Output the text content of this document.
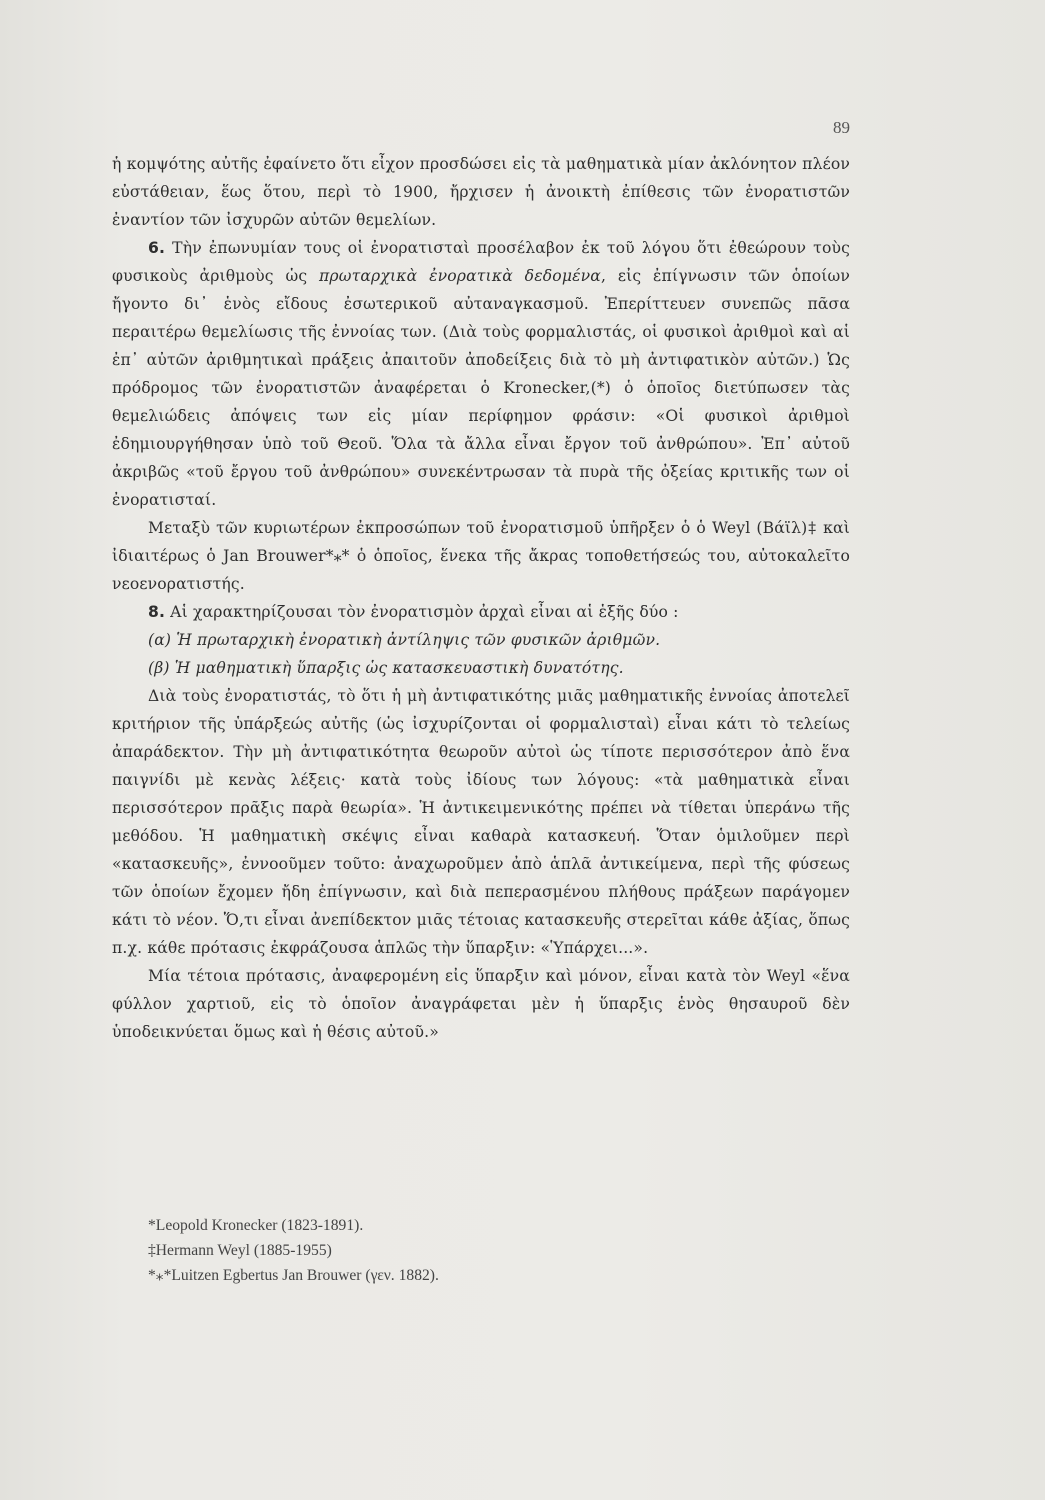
89

ἡ κομψότης αὐτῆς ἐφαίνετο ὅτι εἶχον προσδώσει εἰς τὰ μαθηματικὰ μίαν ἀκλόνητον πλέον εὐστάθειαν, ἕως ὅτου, περὶ τὸ 1900, ἤρχισεν ἡ ἀνοικτὴ ἐπίθεσις τῶν ἐνορατιστῶν ἐναντίον τῶν ἰσχυρῶν αὐτῶν θεμελίων.

6. Τὴν ἐπωνυμίαν τους οἱ ἐνορατισταὶ προσέλαβον ἐκ τοῦ λόγου ὅτι ἐθεώρουν τοὺς φυσικοὺς ἀριθμοὺς ὡς πρωταρχικὰ ἐνορατικὰ δεδομένα, εἰς ἐπίγνωσιν τῶν ὁποίων ἤγοντο δι᾽ ἑνὸς εἴδους ἐσωτερικοῦ αὐταναγκασμοῦ. Ἐπερίττευεν συνεπῶς πᾶσα περαιτέρω θεμελίωσις τῆς ἐννοίας των. (Διὰ τοὺς φορμαλιστάς, οἱ φυσικοὶ ἀριθμοὶ καὶ αἱ ἐπ᾽ αὐτῶν ἀριθμητικαὶ πράξεις ἀπαιτοῦν ἀποδείξεις διὰ τὸ μὴ ἀντιφατικὸν αὐτῶν.) Ὡς πρόδρομος τῶν ἐνορατιστῶν ἀναφέρεται ὁ Kronecker,(*) ὁ ὁποῖος διετύπωσεν τὰς θεμελιώδεις ἀπόψεις των εἰς μίαν περίφημον φράσιν: «Οἱ φυσικοὶ ἀριθμοὶ ἐδημιουργήθησαν ὑπὸ τοῦ Θεοῦ. Ὅλα τὰ ἄλλα εἶναι ἔργον τοῦ ἀνθρώπου». Ἐπ᾽ αὐτοῦ ἀκριβῶς «τοῦ ἔργου τοῦ ἀνθρώπου» συνεκέντρωσαν τὰ πυρὰ τῆς ὀξείας κριτικῆς των οἱ ἐνορατισταί.

Μεταξὺ τῶν κυριωτέρων ἐκπροσώπων τοῦ ἐνορατισμοῦ ὑπῆρξεν ὁ ὁ Weyl (Βάϊλ)‡ καὶ ἰδιαιτέρως ὁ Jan Brouwer*⁎* ὁ ὁποῖος, ἕνεκα τῆς ἄκρας τοποθετήσεώς του, αὐτοκαλεῖτο νεοενορατιστής.

8. Αἱ χαρακτηρίζουσαι τὸν ἐνορατισμὸν ἀρχαὶ εἶναι αἱ ἑξῆς δύο :

(α) Ἡ πρωταρχικὴ ἐνορατικὴ ἀντίληψις τῶν φυσικῶν ἀριθμῶν.

(β) Ἡ μαθηματικὴ ὕπαρξις ὡς κατασκευαστικὴ δυνατότης.

Διὰ τοὺς ἐνορατιστάς, τὸ ὅτι ἡ μὴ ἀντιφατικότης μιᾶς μαθηματικῆς ἐννοίας ἀποτελεῖ κριτήριον τῆς ὑπάρξεώς αὐτῆς (ὡς ἰσχυρίζονται οἱ φορμαλισταὶ) εἶναι κάτι τὸ τελείως ἀπαράδεκτον. Τὴν μὴ ἀντιφατικότητα θεωροῦν αὐτοὶ ὡς τίποτε περισσότερον ἀπὸ ἕνα παιγνίδι μὲ κενὰς λέξεις· κατὰ τοὺς ἰδίους των λόγους: «τὰ μαθηματικὰ εἶναι περισσότερον πρᾶξις παρὰ θεωρία». Ἡ ἀντικειμενικότης πρέπει νὰ τίθεται ὑπεράνω τῆς μεθόδου. Ἡ μαθηματικὴ σκέψις εἶναι καθαρὰ κατασκευή. Ὅταν ὁμιλοῦμεν περὶ «κατασκευῆς», ἐννοοῦμεν τοῦτο: ἀναχωροῦμεν ἀπὸ ἁπλᾶ ἀντικείμενα, περὶ τῆς φύσεως τῶν ὁποίων ἔχομεν ἤδη ἐπίγνωσιν, καὶ διὰ πεπερασμένου πλήθους πράξεων παράγομεν κάτι τὸ νέον. Ὅ,τι εἶναι ἀνεπίδεκτον μιᾶς τέτοιας κατασκευῆς στερεῖται κάθε ἀξίας, ὅπως π.χ. κάθε πρότασις ἐκφράζουσα ἁπλῶς τὴν ὕπαρξιν: «Ὑπάρχει...».

Μία τέτοια πρότασις, ἀναφερομένη εἰς ὕπαρξιν καὶ μόνον, εἶναι κατὰ τὸν Weyl «ἕνα φύλλον χαρτιοῦ, εἰς τὸ ὁποῖον ἀναγράφεται μὲν ἡ ὕπαρξις ἑνὸς θησαυροῦ δὲν ὑποδεικνύεται ὅμως καὶ ἡ θέσις αὐτοῦ.»

*Leopold Kronecker (1823-1891).
‡Hermann Weyl (1885-1955)
*⁎*Luitzen Egbertus Jan Brouwer (γεν. 1882).
